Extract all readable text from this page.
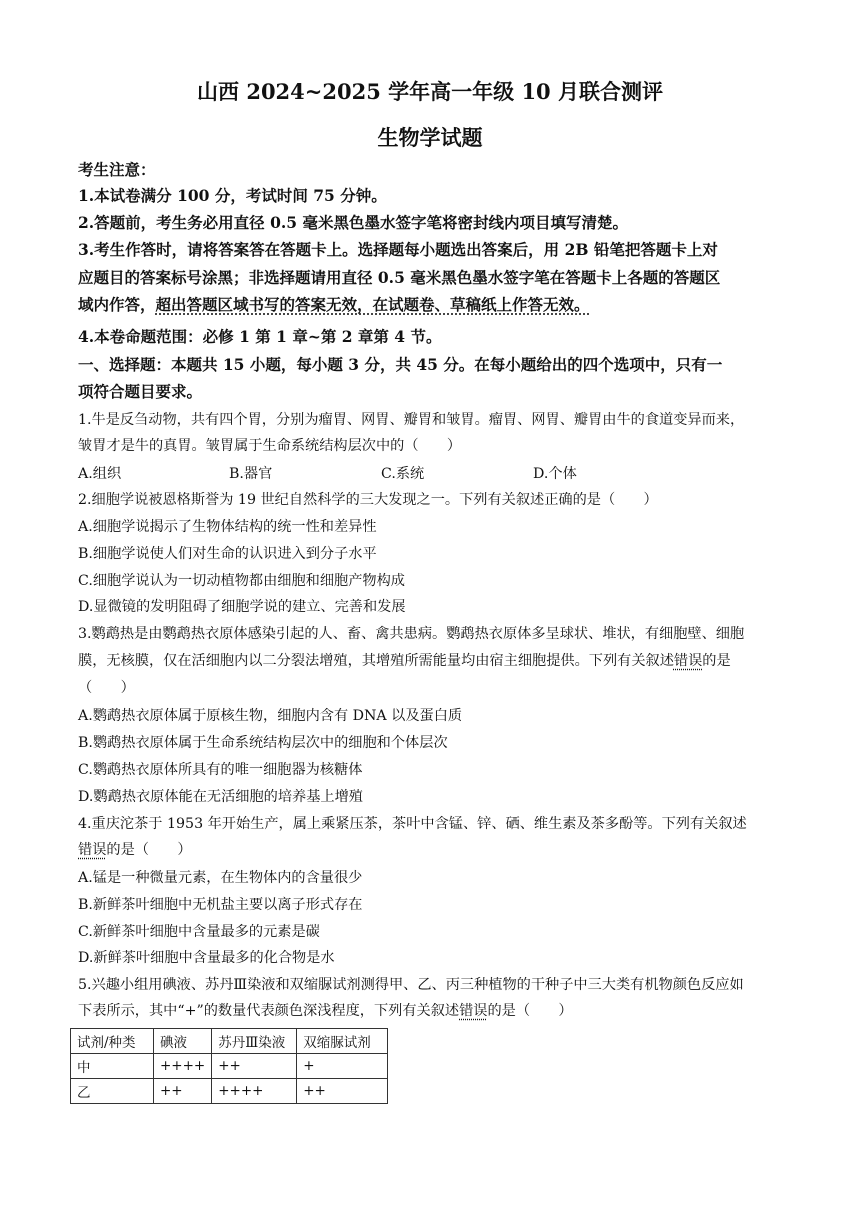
山西 2024~2025 学年高一年级 10 月联合测评
生物学试题
考生注意：
1.本试卷满分 100 分，考试时间 75 分钟。
2.答题前，考生务必用直径 0.5 毫米黑色墨水签字笔将密封线内项目填写清楚。
3.考生作答时，请将答案答在答题卡上。选择题每小题选出答案后，用 2B 铅笔把答题卡上对
应题目的答案标号涂黑；非选择题请用直径 0.5 毫米黑色墨水签字笔在答题卡上各题的答题区
域内作答，超出答题区域书写的答案无效，在试题卷、草稿纸上作答无效。
4.本卷命题范围：必修 1 第 1 章~第 2 章第 4 节。
一、选择题：本题共 15 小题，每小题 3 分，共 45 分。在每小题给出的四个选项中，只有一
项符合题目要求。
1.牛是反刍动物，共有四个胃，分别为瘤胃、网胃、瓣胃和皱胃。瘤胃、网胃、瓣胃由牛的食道变异而来，
皱胃才是牛的真胃。皱胃属于生命系统结构层次中的（　　）
A.组织	B.器官	C.系统	D.个体
2.细胞学说被恩格斯誉为 19 世纪自然科学的三大发现之一。下列有关叙述正确的是（　　）
A.细胞学说揭示了生物体结构的统一性和差异性
B.细胞学说使人们对生命的认识进入到分子水平
C.细胞学说认为一切动植物都由细胞和细胞产物构成
D.显微镜的发明阻碍了细胞学说的建立、完善和发展
3.鹦鹉热是由鹦鹉热衣原体感染引起的人、畜、禽共患病。鹦鹉热衣原体多呈球状、堆状，有细胞壁、细胞
膜，无核膜，仅在活细胞内以二分裂法增殖，其增殖所需能量均由宿主细胞提供。下列有关叙述错误的是
（　　）
A.鹦鹉热衣原体属于原核生物，细胞内含有 DNA 以及蛋白质
B.鹦鹉热衣原体属于生命系统结构层次中的细胞和个体层次
C.鹦鹉热衣原体所具有的唯一细胞器为核糖体
D.鹦鹉热衣原体能在无活细胞的培养基上增殖
4.重庆沱茶于 1953 年开始生产，属上乘紧压茶，茶叶中含锰、锌、硒、维生素及茶多酚等。下列有关叙述
错误的是（　　）
A.锰是一种微量元素，在生物体内的含量很少
B.新鲜茶叶细胞中无机盐主要以离子形式存在
C.新鲜茶叶细胞中含量最多的元素是碳
D.新鲜茶叶细胞中含量最多的化合物是水
5.兴趣小组用碘液、苏丹Ⅲ染液和双缩脲试剂测得甲、乙、丙三种植物的干种子中三大类有机物颜色反应如
下表所示，其中“+”的数量代表颜色深浅程度，下列有关叙述错误的是（　　）
试剂/种类	碘液	苏丹Ⅲ染液	双缩脲试剂
中	++++	++	+
乙	++	++++	++
